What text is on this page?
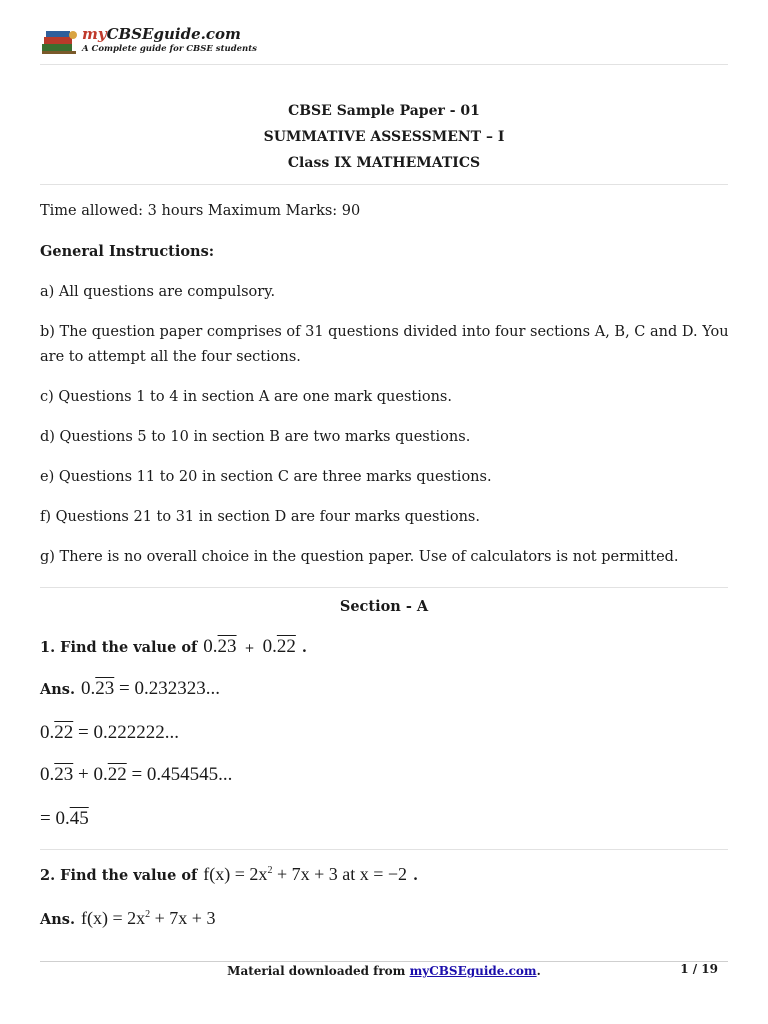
myCBSEguide.com
A Complete guide for CBSE students
CBSE Sample Paper - 01
SUMMATIVE ASSESSMENT – I
Class IX MATHEMATICS
Time allowed: 3 hours Maximum Marks: 90
General Instructions:
a) All questions are compulsory.
b) The question paper comprises of 31 questions divided into four sections A, B, C and D. You are to attempt all the four sections.
c) Questions 1 to 4 in section A are one mark questions.
d) Questions 5 to 10 in section B are two marks questions.
e) Questions 11 to 20 in section C are three marks questions.
f) Questions 21 to 31 in section D are four marks questions.
g) There is no overall choice in the question paper. Use of calculators is not permitted.
Section - A
1. Find the value of 0.23 + 0.22 .
Ans. 0.23 = 0.232323...
0.22 = 0.222222...
0.23 + 0.22 = 0.454545...
= 0.45
2. Find the value of $f(x) = 2x^2 + 7x + 3$ at x = −2 .
Ans. $f(x) = 2x^2 + 7x + 3$
Material downloaded from myCBSEguide.com.	1 / 19
